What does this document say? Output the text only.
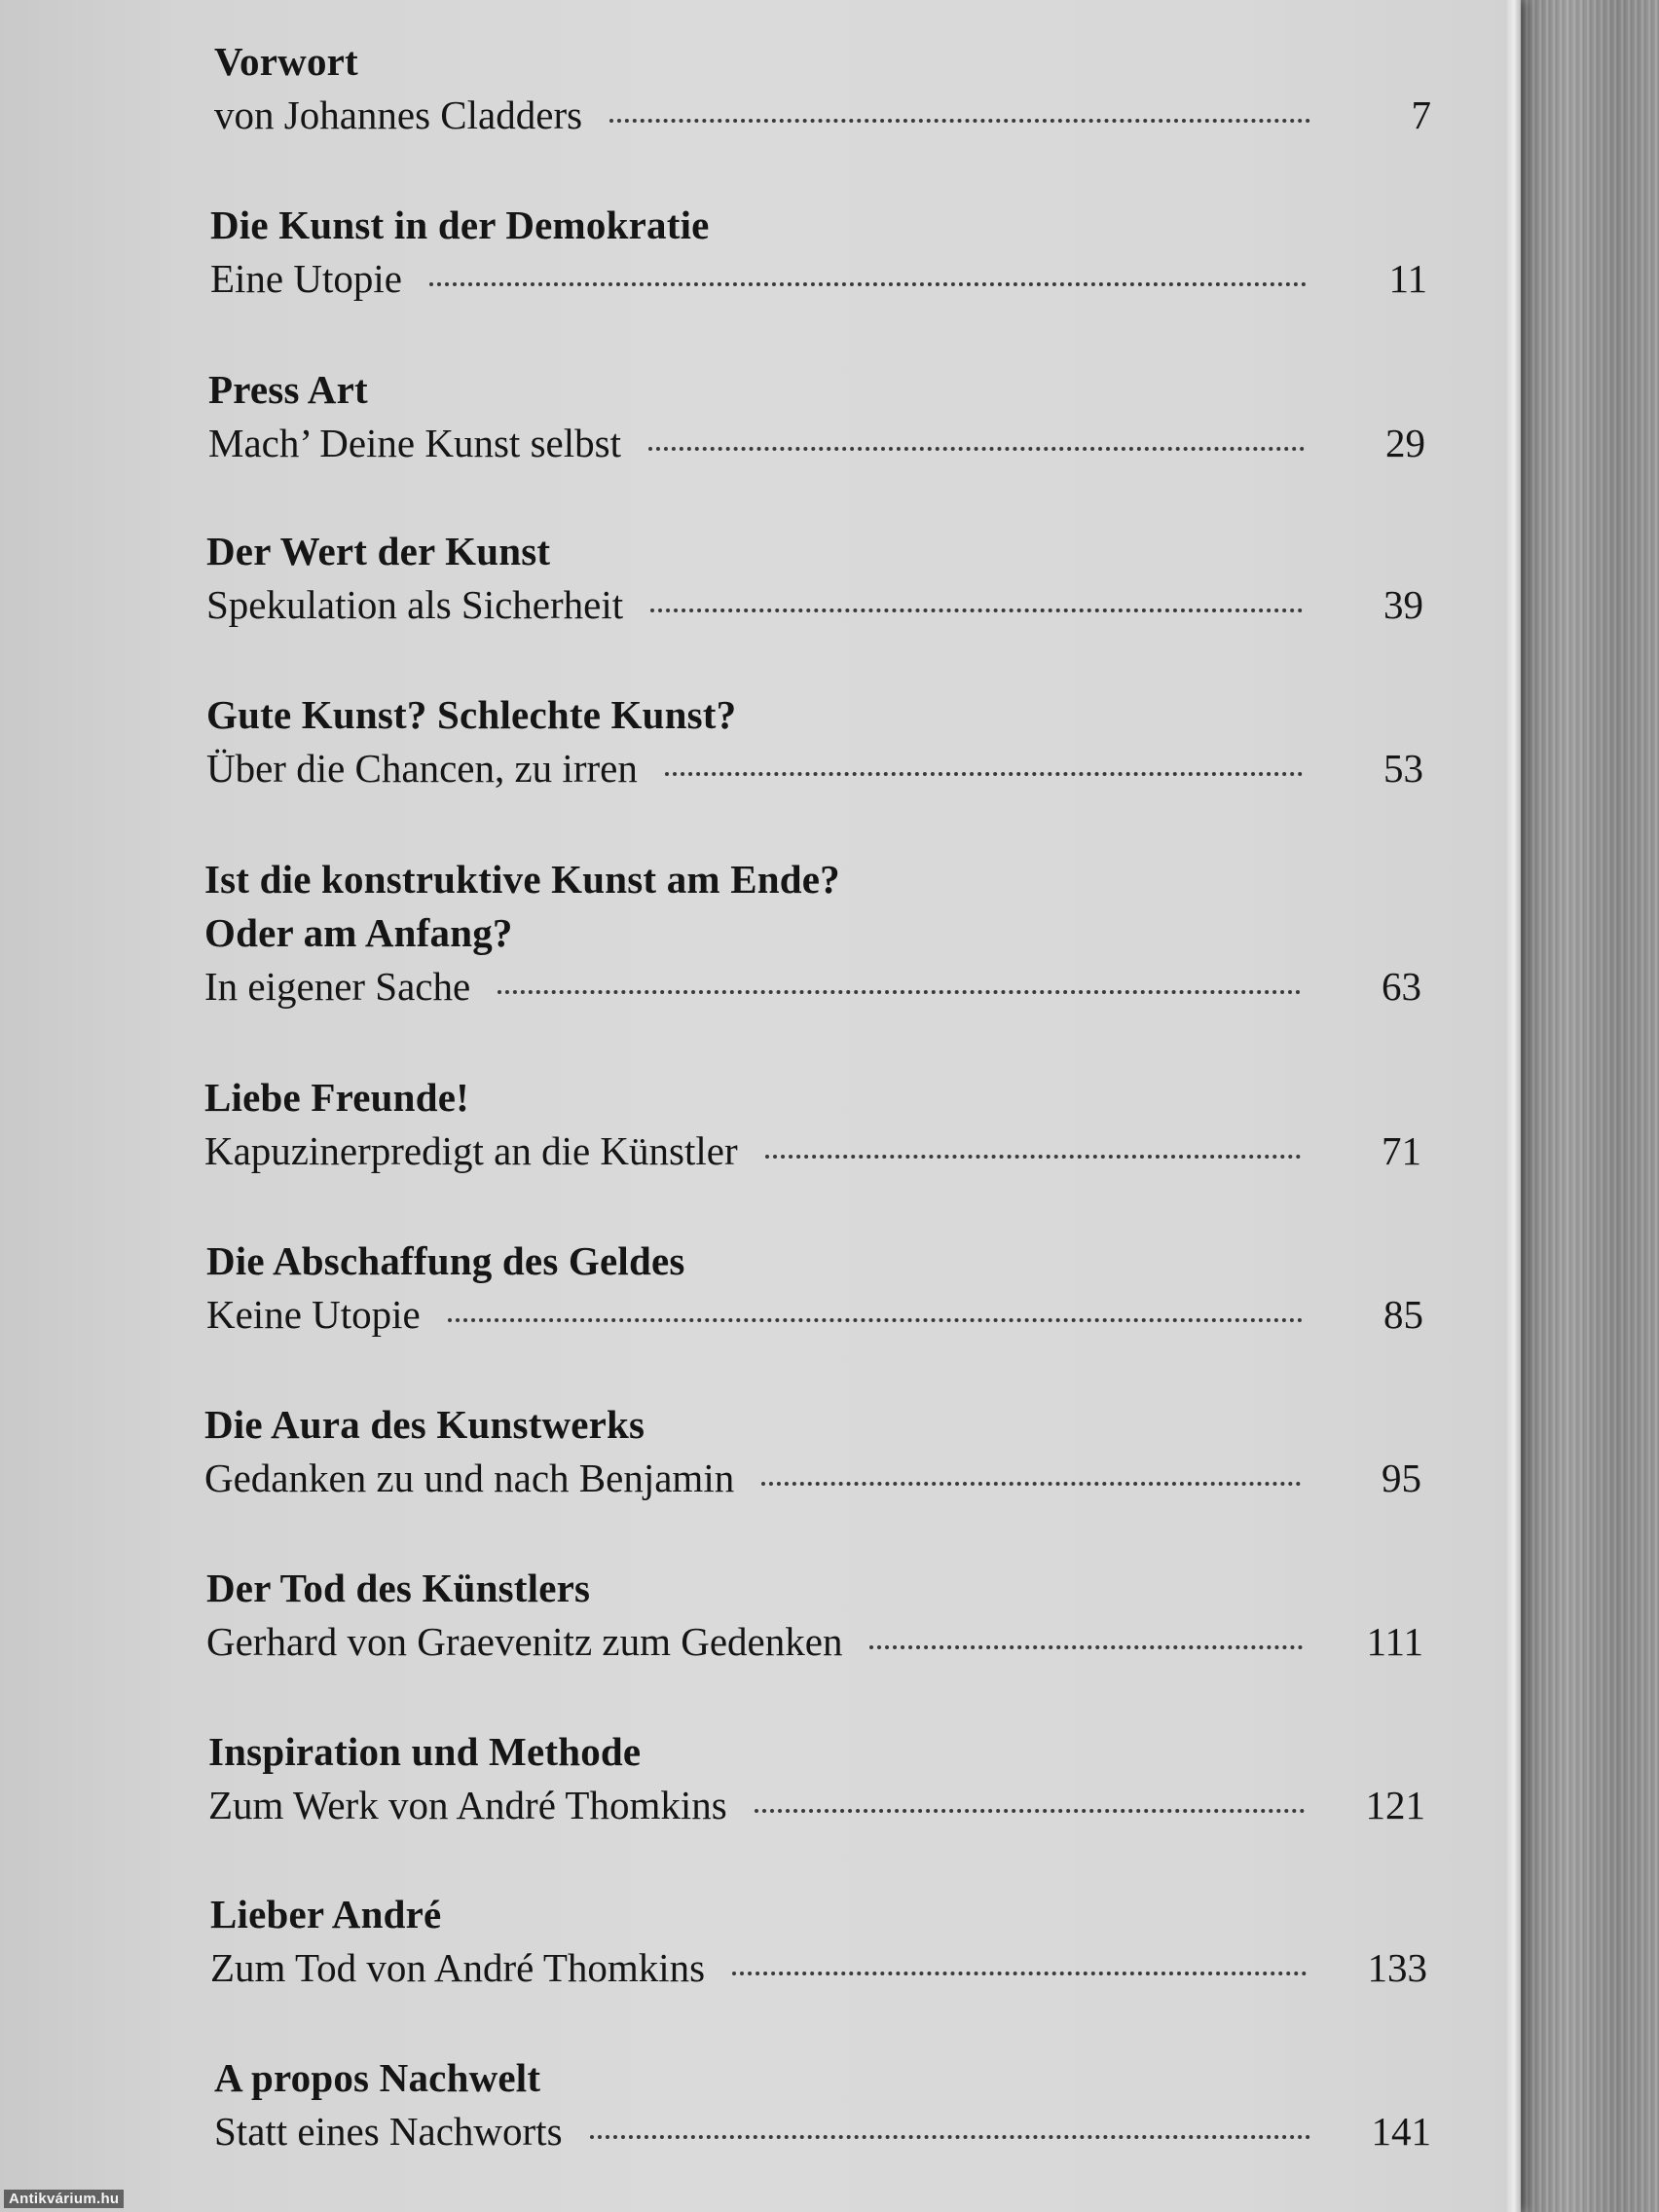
Vorwort
von Johannes Cladders	7
Die Kunst in der Demokratie
Eine Utopie	11
Press Art
Mach’ Deine Kunst selbst	29
Der Wert der Kunst
Spekulation als Sicherheit	39
Gute Kunst? Schlechte Kunst?
Über die Chancen, zu irren	53
Ist die konstruktive Kunst am Ende?
Oder am Anfang?
In eigener Sache	63
Liebe Freunde!
Kapuzinerpredigt an die Künstler	71
Die Abschaffung des Geldes
Keine Utopie	85
Die Aura des Kunstwerks
Gedanken zu und nach Benjamin	95
Der Tod des Künstlers
Gerhard von Graevenitz zum Gedenken	111
Inspiration und Methode
Zum Werk von André Thomkins	121
Lieber André
Zum Tod von André Thomkins	133
A propos Nachwelt
Statt eines Nachworts	141
Antikvárium.hu
